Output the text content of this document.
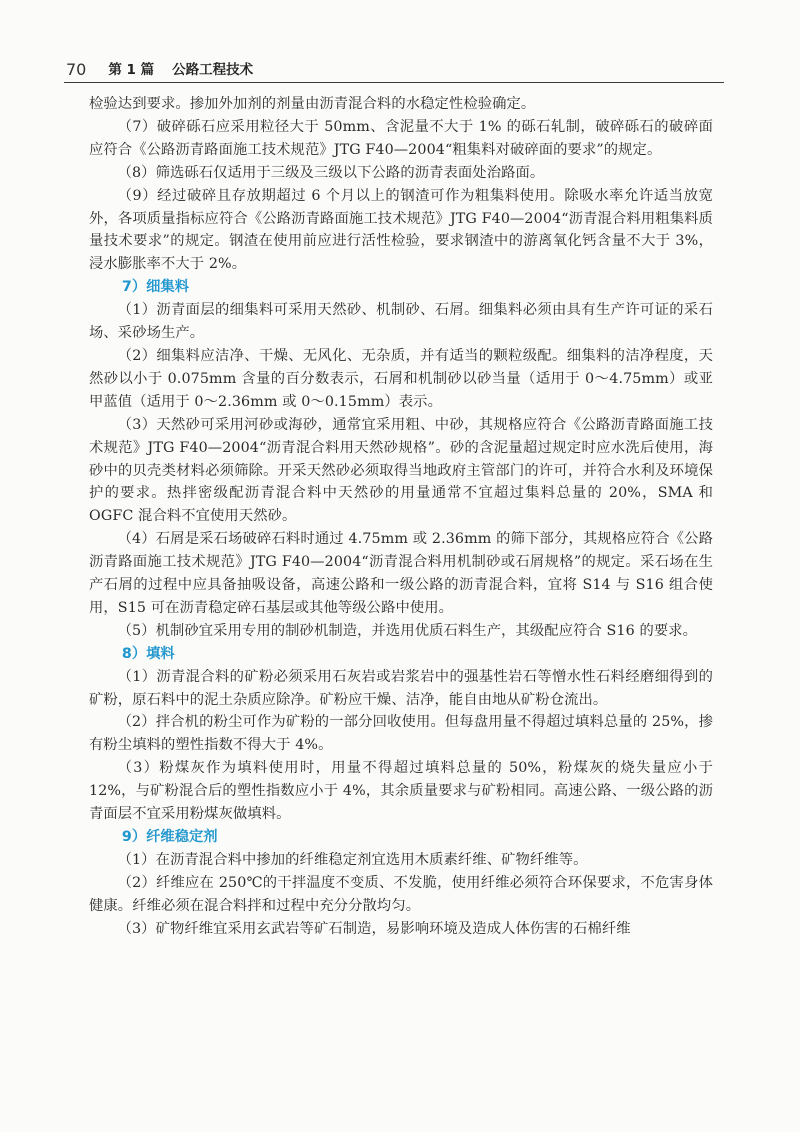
70 第 1 篇 公路工程技术

检验达到要求。掺加外加剂的剂量由沥青混合料的水稳定性检验确定。

（7）破碎砾石应采用粒径大于 50mm、含泥量不大于 1% 的砾石轧制，破碎砾石的破碎面应符合《公路沥青路面施工技术规范》JTG F40—2004“粗集料对破碎面的要求”的规定。

（8）筛选砾石仅适用于三级及三级以下公路的沥青表面处治路面。

（9）经过破碎且存放期超过 6 个月以上的钢渣可作为粗集料使用。除吸水率允许适当放宽外，各项质量指标应符合《公路沥青路面施工技术规范》JTG F40—2004“沥青混合料用粗集料质量技术要求”的规定。钢渣在使用前应进行活性检验，要求钢渣中的游离氧化钙含量不大于 3%，浸水膨胀率不大于 2%。

7）细集料

（1）沥青面层的细集料可采用天然砂、机制砂、石屑。细集料必须由具有生产许可证的采石场、采砂场生产。

（2）细集料应洁净、干燥、无风化、无杂质，并有适当的颗粒级配。细集料的洁净程度，天然砂以小于 0.075mm 含量的百分数表示，石屑和机制砂以砂当量（适用于 0～4.75mm）或亚甲蓝值（适用于 0～2.36mm 或 0～0.15mm）表示。

（3）天然砂可采用河砂或海砂，通常宜采用粗、中砂，其规格应符合《公路沥青路面施工技术规范》JTG F40—2004“沥青混合料用天然砂规格”。砂的含泥量超过规定时应水洗后使用，海砂中的贝壳类材料必须筛除。开采天然砂必须取得当地政府主管部门的许可，并符合水利及环境保护的要求。热拌密级配沥青混合料中天然砂的用量通常不宜超过集料总量的 20%，SMA 和 OGFC 混合料不宜使用天然砂。

（4）石屑是采石场破碎石料时通过 4.75mm 或 2.36mm 的筛下部分，其规格应符合《公路沥青路面施工技术规范》JTG F40—2004“沥青混合料用机制砂或石屑规格”的规定。采石场在生产石屑的过程中应具备抽吸设备，高速公路和一级公路的沥青混合料，宜将 S14 与 S16 组合使用，S15 可在沥青稳定碎石基层或其他等级公路中使用。

（5）机制砂宜采用专用的制砂机制造，并选用优质石料生产，其级配应符合 S16 的要求。

8）填料

（1）沥青混合料的矿粉必须采用石灰岩或岩浆岩中的强基性岩石等憎水性石料经磨细得到的矿粉，原石料中的泥土杂质应除净。矿粉应干燥、洁净，能自由地从矿粉仓流出。

（2）拌合机的粉尘可作为矿粉的一部分回收使用。但每盘用量不得超过填料总量的 25%，掺有粉尘填料的塑性指数不得大于 4%。

（3）粉煤灰作为填料使用时，用量不得超过填料总量的 50%，粉煤灰的烧失量应小于 12%，与矿粉混合后的塑性指数应小于 4%，其余质量要求与矿粉相同。高速公路、一级公路的沥青面层不宜采用粉煤灰做填料。

9）纤维稳定剂

（1）在沥青混合料中掺加的纤维稳定剂宜选用木质素纤维、矿物纤维等。

（2）纤维应在 250℃的干拌温度不变质、不发脆，使用纤维必须符合环保要求，不危害身体健康。纤维必须在混合料拌和过程中充分分散均匀。

（3）矿物纤维宜采用玄武岩等矿石制造，易影响环境及造成人体伤害的石棉纤维
